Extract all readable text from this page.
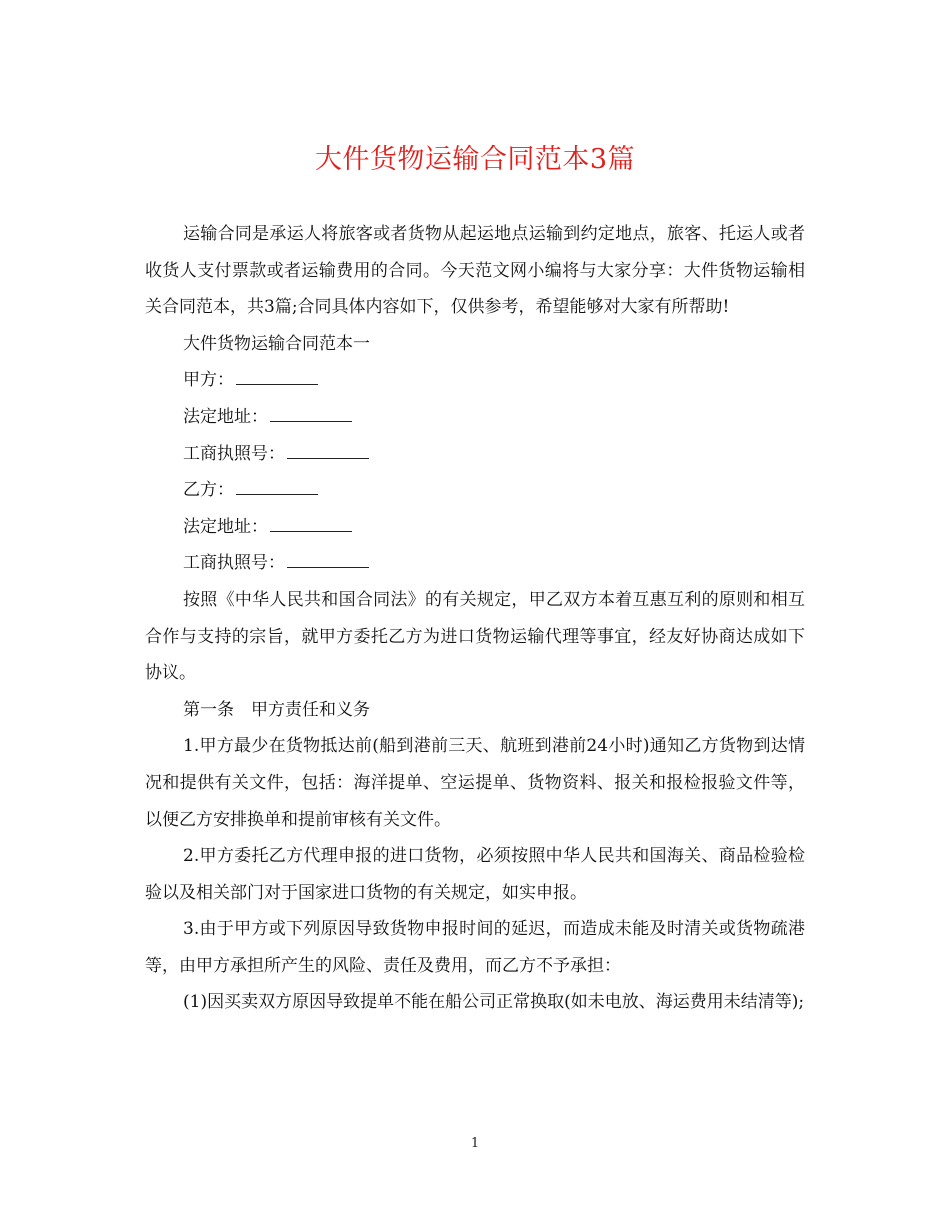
大件货物运输合同范本3篇

运输合同是承运人将旅客或者货物从起运地点运输到约定地点，旅客、托运人或者收货人支付票款或者运输费用的合同。今天范文网小编将与大家分享：大件货物运输相关合同范本，共3篇;合同具体内容如下，仅供参考，希望能够对大家有所帮助!

大件货物运输合同范本一

甲方：

法定地址：

工商执照号：

乙方：

法定地址：

工商执照号：

按照《中华人民共和国合同法》的有关规定，甲乙双方本着互惠互利的原则和相互合作与支持的宗旨，就甲方委托乙方为进口货物运输代理等事宜，经友好协商达成如下协议。

第一条　甲方责任和义务

1.甲方最少在货物抵达前(船到港前三天、航班到港前24小时)通知乙方货物到达情况和提供有关文件，包括：海洋提单、空运提单、货物资料、报关和报检报验文件等，以便乙方安排换单和提前审核有关文件。

2.甲方委托乙方代理申报的进口货物，必须按照中华人民共和国海关、商品检验检验以及相关部门对于国家进口货物的有关规定，如实申报。

3.由于甲方或下列原因导致货物申报时间的延迟，而造成未能及时清关或货物疏港等，由甲方承担所产生的风险、责任及费用，而乙方不予承担：

(1)因买卖双方原因导致提单不能在船公司正常换取(如未电放、海运费用未结清等);

1
